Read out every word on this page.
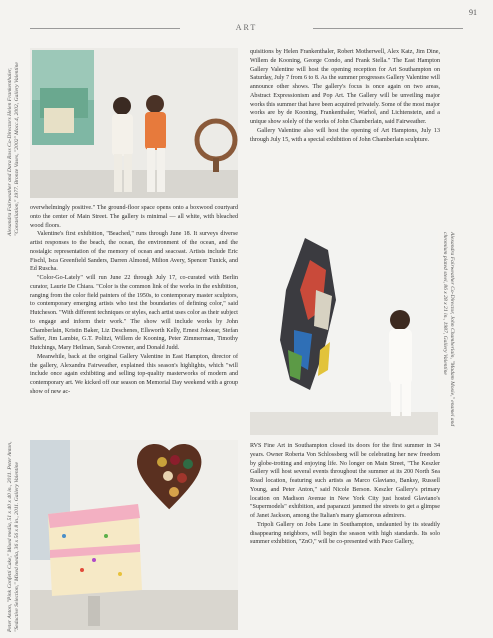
91
ART
Alexandra Fairweather and Dara Ross Co-Directors Helen Frankenthaler, "Constellation," 1977. Bronze Vases, "2002" Mocc.4, 2002, Gallery Valentine
Peter Anton, "Pink Confetti Cake," Mixed media, 51 x 40 x 40 in., 2011. Peter Anton, "Seductive Selection," Mixed media, 36 x 56 x 8 in., 2011. Gallery Valentine
Alexandra Fairweather Co-Director, John Chamberlain, "Madam Moxie," enamel and chromium plated steel, 86 x 28 x 21 in., 1987, Gallery Valentine

overwhelmingly positive." The ground-floor space opens onto a boxwood courtyard onto the center of Main Street. The gallery is minimal — all white, with bleached wood floors.

Valentine's first exhibition, "Beached," runs through June 18. It surveys diverse artist responses to the beach, the ocean, the environment of the ocean, and the nostalgic representation of the memory of ocean and seacoast. Artists include Eric Fischl, Isca Greenfield Sanders, Darren Almond, Milton Avery, Spencer Tunick, and Ed Ruscha.

"Color-Go-Lately" will run June 22 through July 17, co-curated with Berlin curator, Laurie De Chiara. "Color is the common link of the works in the exhibition, ranging from the color field painters of the 1950s, to contemporary master sculptors, to contemporary emerging artists who test the boundaries of defining color," said Hutcheson. "With different techniques or styles, each artist uses color as their subject to engage and inform their work." The show will include works by John Chamberlain, Kristin Baker, Liz Deschenes, Ellsworth Kelly, Ernest Jokoear, Stefan Saffer, Jim Lambie, G.T. Politzi, Willem de Kooning, Peter Zimmerman, Timothy Hutchings, Mary Heilman, Sarah Crowner, and Donald Judd.

Meanwhile, back at the original Gallery Valentine in East Hampton, director of the gallery, Alexandra Fairweather, explained this season's highlights, which "will include once again exhibiting and selling top-quality masterworks of modern and contemporary art. We kicked off our season on Memorial Day weekend with a group show of new ac-

quisitions by Helen Frankenthaler, Robert Motherwell, Alex Katz, Jim Dine, Willem de Kooning, George Condo, and Frank Stella." The East Hampton Gallery Valentine will host the opening reception for Art Southampton on Saturday, July 7 from 6 to 8. As the summer progresses Gallery Valentine will announce other shows. The gallery's focus is once again on two areas, Abstract Expressionism and Pop Art. The Gallery will be unveiling major works this summer that have been acquired privately. Some of the most major works are by de Kooning, Frankenthaler, Warhol, and Lichtenstein, and a unique show solely of the works of John Chamberlain, said Fairweather.

Gallery Valentine also will host the opening of Art Hamptons, July 13 through July 15, with a special exhibition of John Chamberlain sculpture.

RVS Fine Art in Southampton closed its doors for the first summer in 34 years. Owner Roberta Von Schlossberg will be celebrating her new freedom by globe-trotting and enjoying life. No longer on Main Street, "The Keszler Gallery will host several events throughout the summer at its 200 North Sea Road location, featuring such artists as Marco Glaviano, Banksy, Russell Young, and Peter Anton," said Nicole Berson. Keszler Gallery's primary location on Madison Avenue in New York City just hosted Glaviano's "Supermodels" exhibition, and paparazzi jammed the streets to get a glimpse of Janet Jackson, among the Italian's many glamorous admirers.

Tripoli Gallery on Jobs Lane in Southampton, undaunted by its steadily disappearing neighbors, will begin the season with high standards. Its solo summer exhibition, "ZnO," will be co-presented with Pace Gallery,
